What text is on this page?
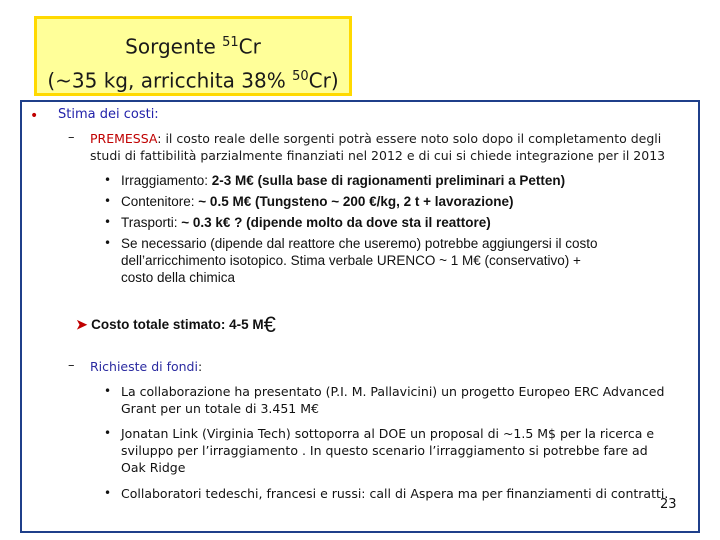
Sorgente $^{51}$Cr
(~35 kg, arricchita 38% $^{50}$Cr)
• Stima dei costi:
– PREMESSA: il costo reale delle sorgenti potrà essere noto solo dopo il completamento degli
studi di fattibilità parzialmente finanziati nel 2012 e di cui si chiede integrazione per il 2013
• Irraggiamento: 2-3 M€ (sulla base di ragionamenti preliminari a Petten)
• Contenitore: ~ 0.5 M€ (Tungsteno ~ 200 €/kg, 2 t + lavorazione)
• Trasporti: ~ 0.3 k€ ? (dipende molto da dove sta il reattore)
• Se necessario (dipende dal reattore che useremo) potrebbe aggiungersi il costo
dell’arricchimento isotopico. Stima verbale URENCO ~ 1 M€ (conservativo) +
costo della chimica
➤ Costo totale stimato: 4-5 M€
– Richieste di fondi:
• La collaborazione ha presentato (P.I. M. Pallavicini) un progetto Europeo ERC Advanced
Grant per un totale di 3.451 M€
• Jonatan Link (Virginia Tech) sottoporra al DOE un proposal di ~1.5 M$ per la ricerca e
sviluppo per l’irraggiamento . In questo scenario l’irraggiamento si potrebbe fare ad
Oak Ridge
• Collaboratori tedeschi, francesi e russi: call di Aspera ma per finanziamenti di contratti.
23
